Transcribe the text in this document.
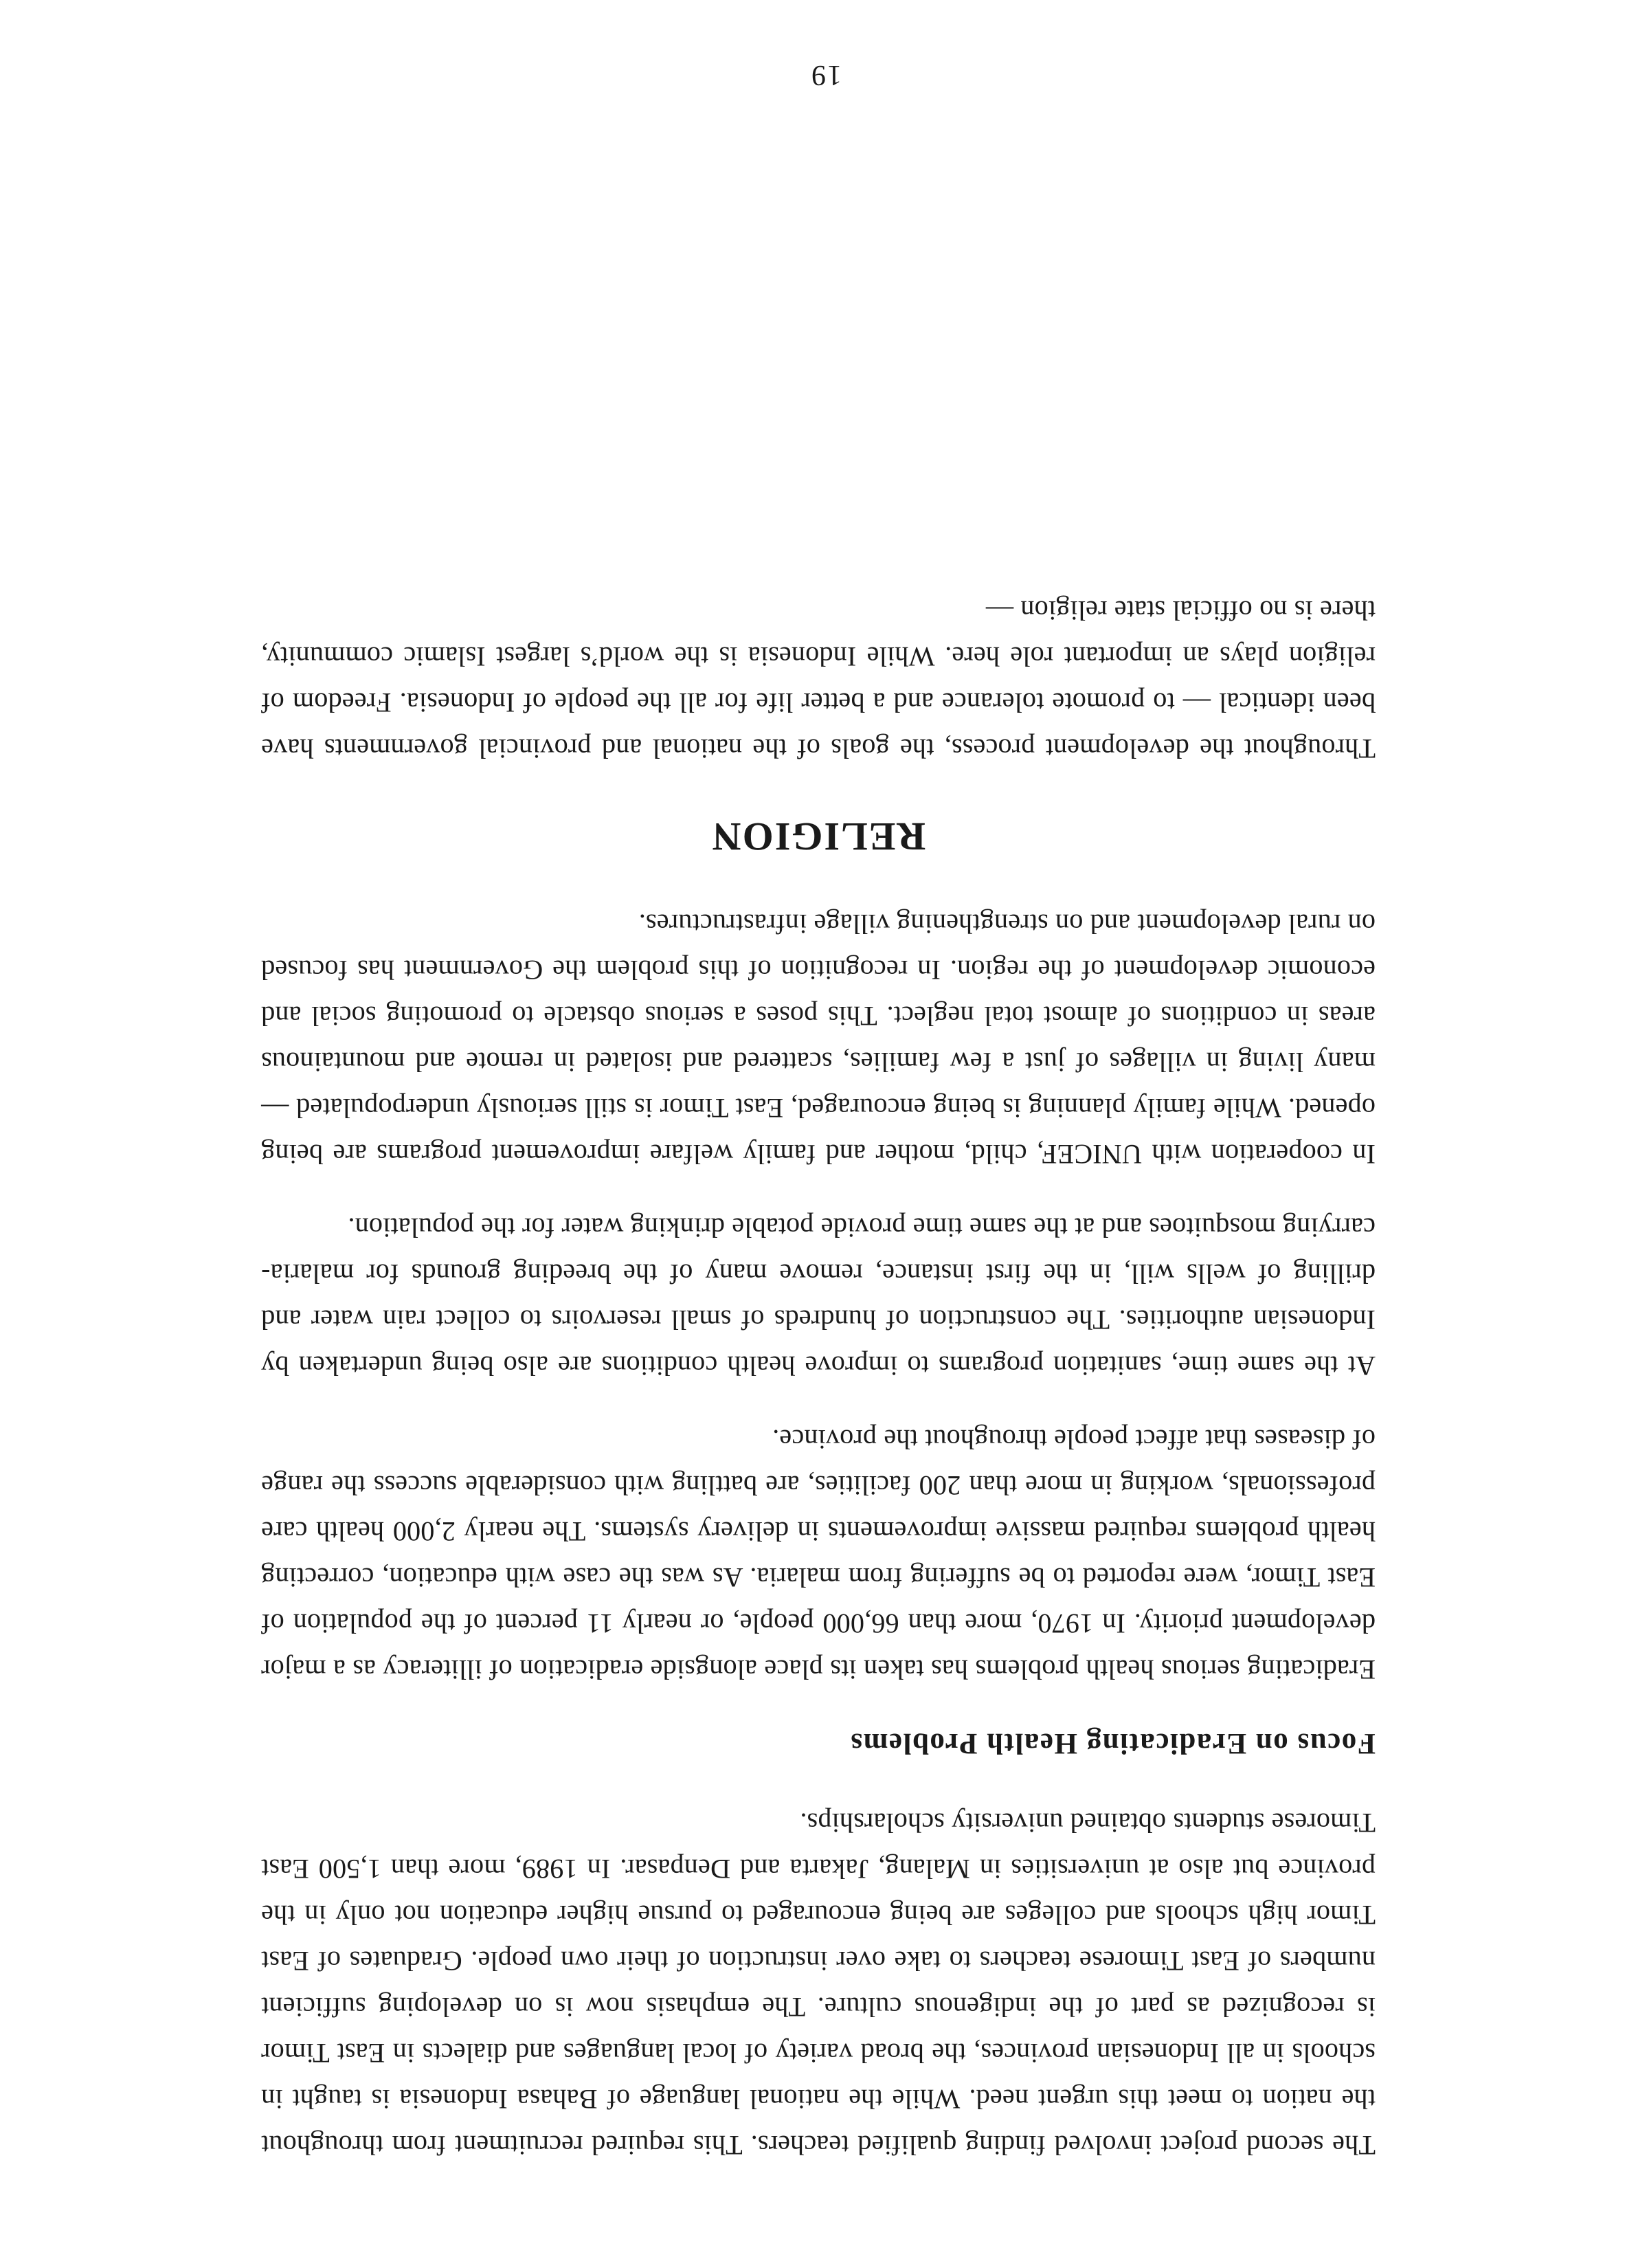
The second project involved finding qualified teachers. This required recruitment from throughout the nation to meet this urgent need. While the national language of Bahasa Indonesia is taught in schools in all Indonesian provinces, the broad variety of local languages and dialects in East Timor is recognized as part of the indigenous culture. The emphasis now is on developing sufficient numbers of East Timorese teachers to take over instruction of their own people. Graduates of East Timor high schools and colleges are being encouraged to pursue higher education not only in the province but also at universities in Malang, Jakarta and Denpasar. In 1989, more than 1,500 East Timorese students obtained university scholarships.

Focus on Eradicating Health Problems

Eradicating serious health problems has taken its place alongside eradication of illiteracy as a major development priority. In 1970, more than 66,000 people, or nearly 11 percent of the population of East Timor, were reported to be suffering from malaria. As was the case with education, correcting health problems required massive improvements in delivery systems. The nearly 2,000 health care professionals, working in more than 200 facilities, are battling with considerable success the range of diseases that affect people throughout the province.

At the same time, sanitation programs to improve health conditions are also being undertaken by Indonesian authorities. The construction of hundreds of small reservoirs to collect rain water and drilling of wells will, in the first instance, remove many of the breeding grounds for malaria-carrying mosquitoes and at the same time provide potable drinking water for the population.

In cooperation with UNICEF, child, mother and family welfare improvement programs are being opened. While family planning is being encouraged, East Timor is still seriously underpopulated — many living in villages of just a few families, scattered and isolated in remote and mountainous areas in conditions of almost total neglect. This poses a serious obstacle to promoting social and economic development of the region. In recognition of this problem the Government has focused on rural development and on strengthening village infrastructures.

RELIGION

Throughout the development process, the goals of the national and provincial governments have been identical — to promote tolerance and a better life for all the people of Indonesia. Freedom of religion plays an important role here. While Indonesia is the world’s largest Islamic community, there is no official state religion —

19
